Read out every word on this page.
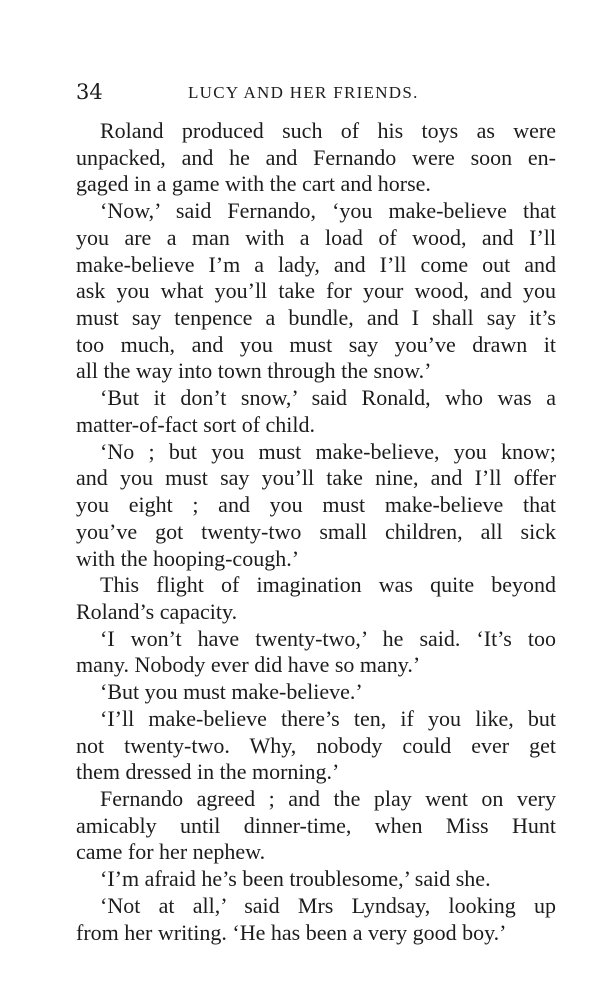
34	LUCY AND HER FRIENDS.
Roland produced such of his toys as were
unpacked, and he and Fernando were soon en-
gaged in a game with the cart and horse.
‘Now,’ said Fernando, ‘you make-believe that
you are a man with a load of wood, and I’ll
make-believe I’m a lady, and I’ll come out and
ask you what you’ll take for your wood, and you
must say tenpence a bundle, and I shall say it’s
too much, and you must say you’ve drawn it
all the way into town through the snow.’
‘But it don’t snow,’ said Ronald, who was a
matter-of-fact sort of child.
‘No ; but you must make-believe, you know;
and you must say you’ll take nine, and I’ll offer
you eight ; and you must make-believe that
you’ve got twenty-two small children, all sick
with the hooping-cough.’
This flight of imagination was quite beyond
Roland’s capacity.
‘I won’t have twenty-two,’ he said. ‘It’s too
many. Nobody ever did have so many.’
‘But you must make-believe.’
‘I’ll make-believe there’s ten, if you like, but
not twenty-two. Why, nobody could ever get
them dressed in the morning.’
Fernando agreed ; and the play went on very
amicably until dinner-time, when Miss Hunt
came for her nephew.
‘I’m afraid he’s been troublesome,’ said she.
‘Not at all,’ said Mrs Lyndsay, looking up
from her writing. ‘He has been a very good boy.’
